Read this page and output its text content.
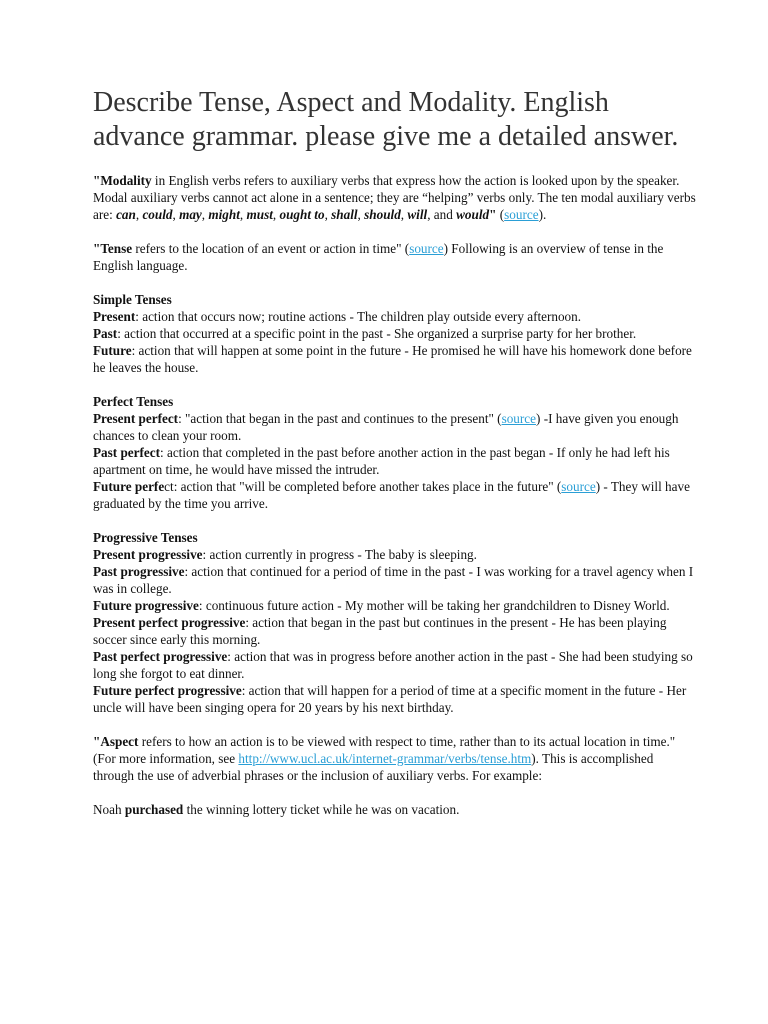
Describe Tense, Aspect and Modality. English advance grammar. please give me a detailed answer.

"Modality in English verbs refers to auxiliary verbs that express how the action is looked upon by the speaker. Modal auxiliary verbs cannot act alone in a sentence; they are “helping” verbs only. The ten modal auxiliary verbs are: can, could, may, might, must, ought to, shall, should, will, and would" (source).

"Tense refers to the location of an event or action in time" (source) Following is an overview of tense in the English language.

Simple Tenses
Present: action that occurs now; routine actions - The children play outside every afternoon.
Past: action that occurred at a specific point in the past - She organized a surprise party for her brother.
Future: action that will happen at some point in the future - He promised he will have his homework done before he leaves the house.

Perfect Tenses
Present perfect: "action that began in the past and continues to the present" (source) -I have given you enough chances to clean your room.
Past perfect: action that completed in the past before another action in the past began - If only he had left his apartment on time, he would have missed the intruder.
Future perfect: action that "will be completed before another takes place in the future" (source) - They will have graduated by the time you arrive.

Progressive Tenses
Present progressive: action currently in progress - The baby is sleeping.
Past progressive: action that continued for a period of time in the past - I was working for a travel agency when I was in college.
Future progressive: continuous future action - My mother will be taking her grandchildren to Disney World.
Present perfect progressive: action that began in the past but continues in the present - He has been playing soccer since early this morning.
Past perfect progressive: action that was in progress before another action in the past - She had been studying so long she forgot to eat dinner.
Future perfect progressive: action that will happen for a period of time at a specific moment in the future - Her uncle will have been singing opera for 20 years by his next birthday.

"Aspect refers to how an action is to be viewed with respect to time, rather than to its actual location in time." (For more information, see http://www.ucl.ac.uk/internet-grammar/verbs/tense.htm). This is accomplished through the use of adverbial phrases or the inclusion of auxiliary verbs. For example:

Noah purchased the winning lottery ticket while he was on vacation.
